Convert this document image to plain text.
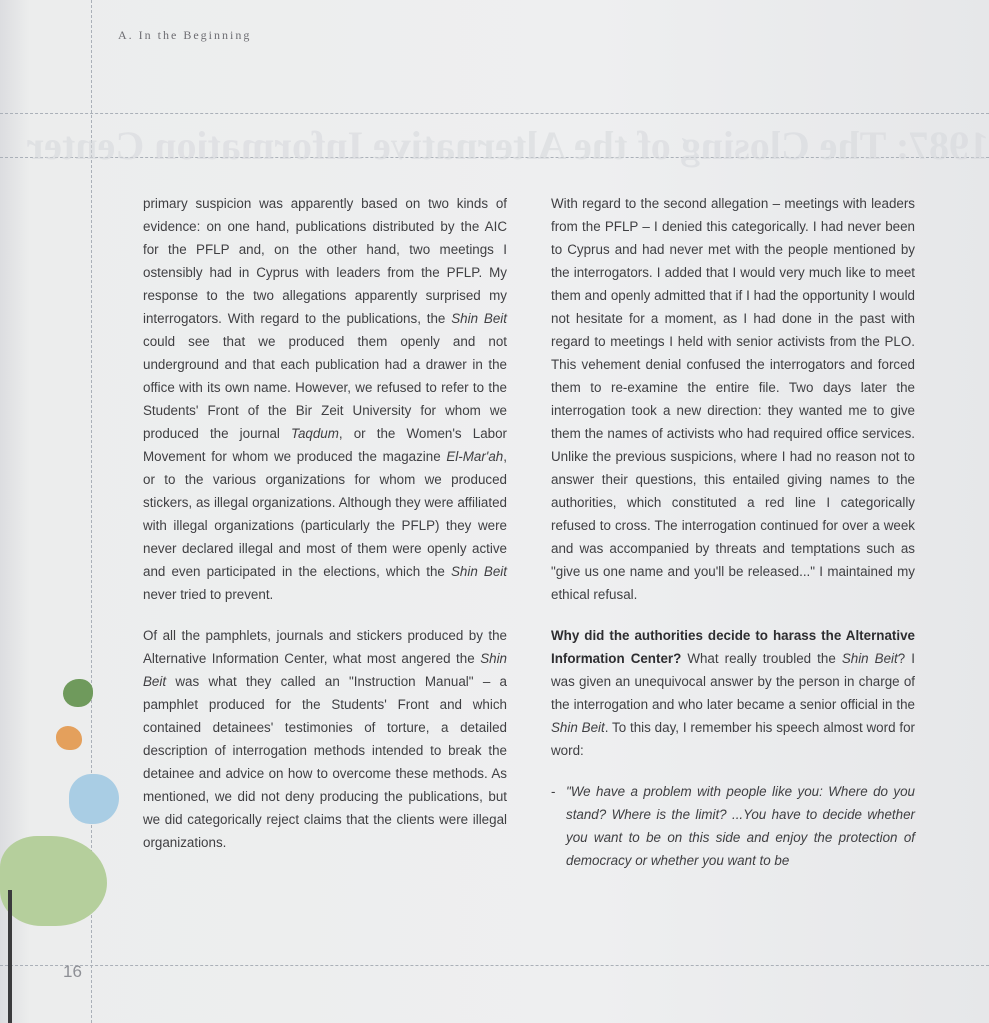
1987: The Closing of the Alternative Information Center
A. In the Beginning

primary suspicion was apparently based on two kinds of evidence: on one hand, publications distributed by the AIC for the PFLP and, on the other hand, two meetings I ostensibly had in Cyprus with leaders from the PFLP. My response to the two allegations apparently surprised my interrogators. With regard to the publications, the Shin Beit could see that we produced them openly and not underground and that each publication had a drawer in the office with its own name. However, we refused to refer to the Students' Front of the Bir Zeit University for whom we produced the journal Taqdum, or the Women's Labor Movement for whom we produced the magazine El-Mar'ah, or to the various organizations for whom we produced stickers, as illegal organizations. Although they were affiliated with illegal organizations (particularly the PFLP) they were never declared illegal and most of them were openly active and even participated in the elections, which the Shin Beit never tried to prevent.

Of all the pamphlets, journals and stickers produced by the Alternative Information Center, what most angered the Shin Beit was what they called an "Instruction Manual" – a pamphlet produced for the Students' Front and which contained detainees' testimonies of torture, a detailed description of interrogation methods intended to break the detainee and advice on how to overcome these methods. As mentioned, we did not deny producing the publications, but we did categorically reject claims that the clients were illegal organizations.

With regard to the second allegation – meetings with leaders from the PFLP – I denied this categorically. I had never been to Cyprus and had never met with the people mentioned by the interrogators. I added that I would very much like to meet them and openly admitted that if I had the opportunity I would not hesitate for a moment, as I had done in the past with regard to meetings I held with senior activists from the PLO. This vehement denial confused the interrogators and forced them to re-examine the entire file. Two days later the interrogation took a new direction: they wanted me to give them the names of activists who had required office services. Unlike the previous suspicions, where I had no reason not to answer their questions, this entailed giving names to the authorities, which constituted a red line I categorically refused to cross. The interrogation continued for over a week and was accompanied by threats and temptations such as "give us one name and you'll be released..." I maintained my ethical refusal.

Why did the authorities decide to harass the Alternative Information Center? What really troubled the Shin Beit? I was given an unequivocal answer by the person in charge of the interrogation and who later became a senior official in the Shin Beit. To this day, I remember his speech almost word for word:

- "We have a problem with people like you: Where do you stand? Where is the limit? ...You have to decide whether you want to be on this side and enjoy the protection of democracy or whether you want to be

16
